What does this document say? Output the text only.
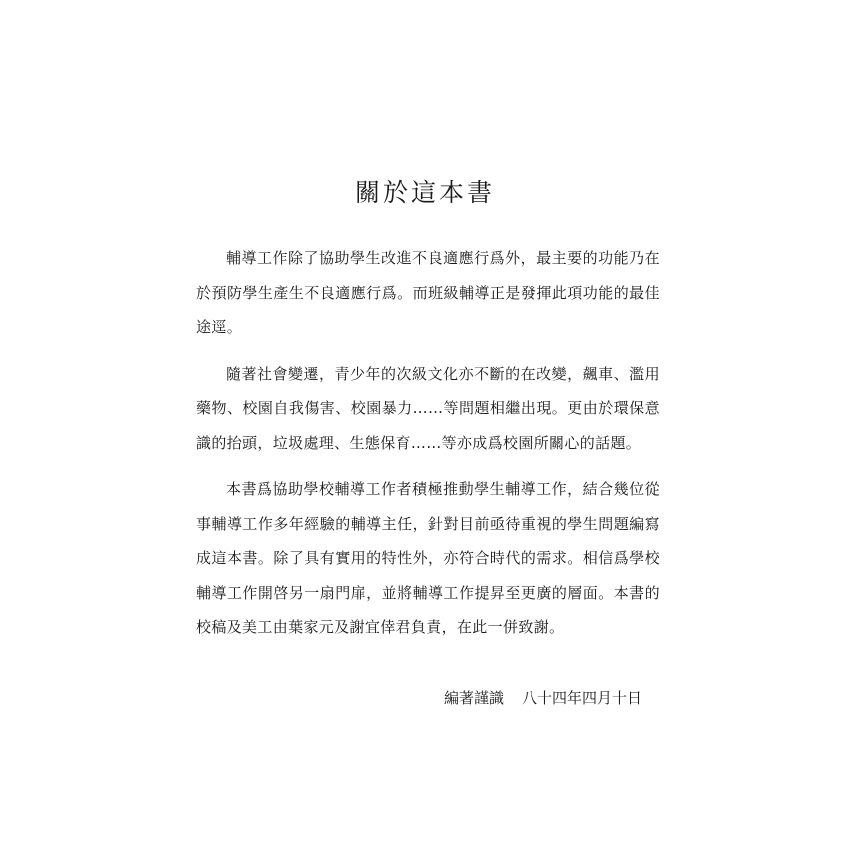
關於這本書

輔導工作除了協助學生改進不良適應行爲外，最主要的功能乃在於預防學生產生不良適應行爲。而班級輔導正是發揮此項功能的最佳途逕。

隨著社會變遷，青少年的次級文化亦不斷的在改變，飆車、濫用藥物、校園自我傷害、校園暴力……等問題相繼出現。更由於環保意識的抬頭，垃圾處理、生態保育……等亦成爲校園所關心的話題。

本書爲協助學校輔導工作者積極推動學生輔導工作，結合幾位從事輔導工作多年經驗的輔導主任，針對目前亟待重視的學生問題編寫成這本書。除了具有實用的特性外，亦符合時代的需求。相信爲學校輔導工作開啓另一扇門扉，並將輔導工作提昇至更廣的層面。本書的校稿及美工由葉家元及謝宜倖君負責，在此一併致謝。

編著謹識 八十四年四月十日
